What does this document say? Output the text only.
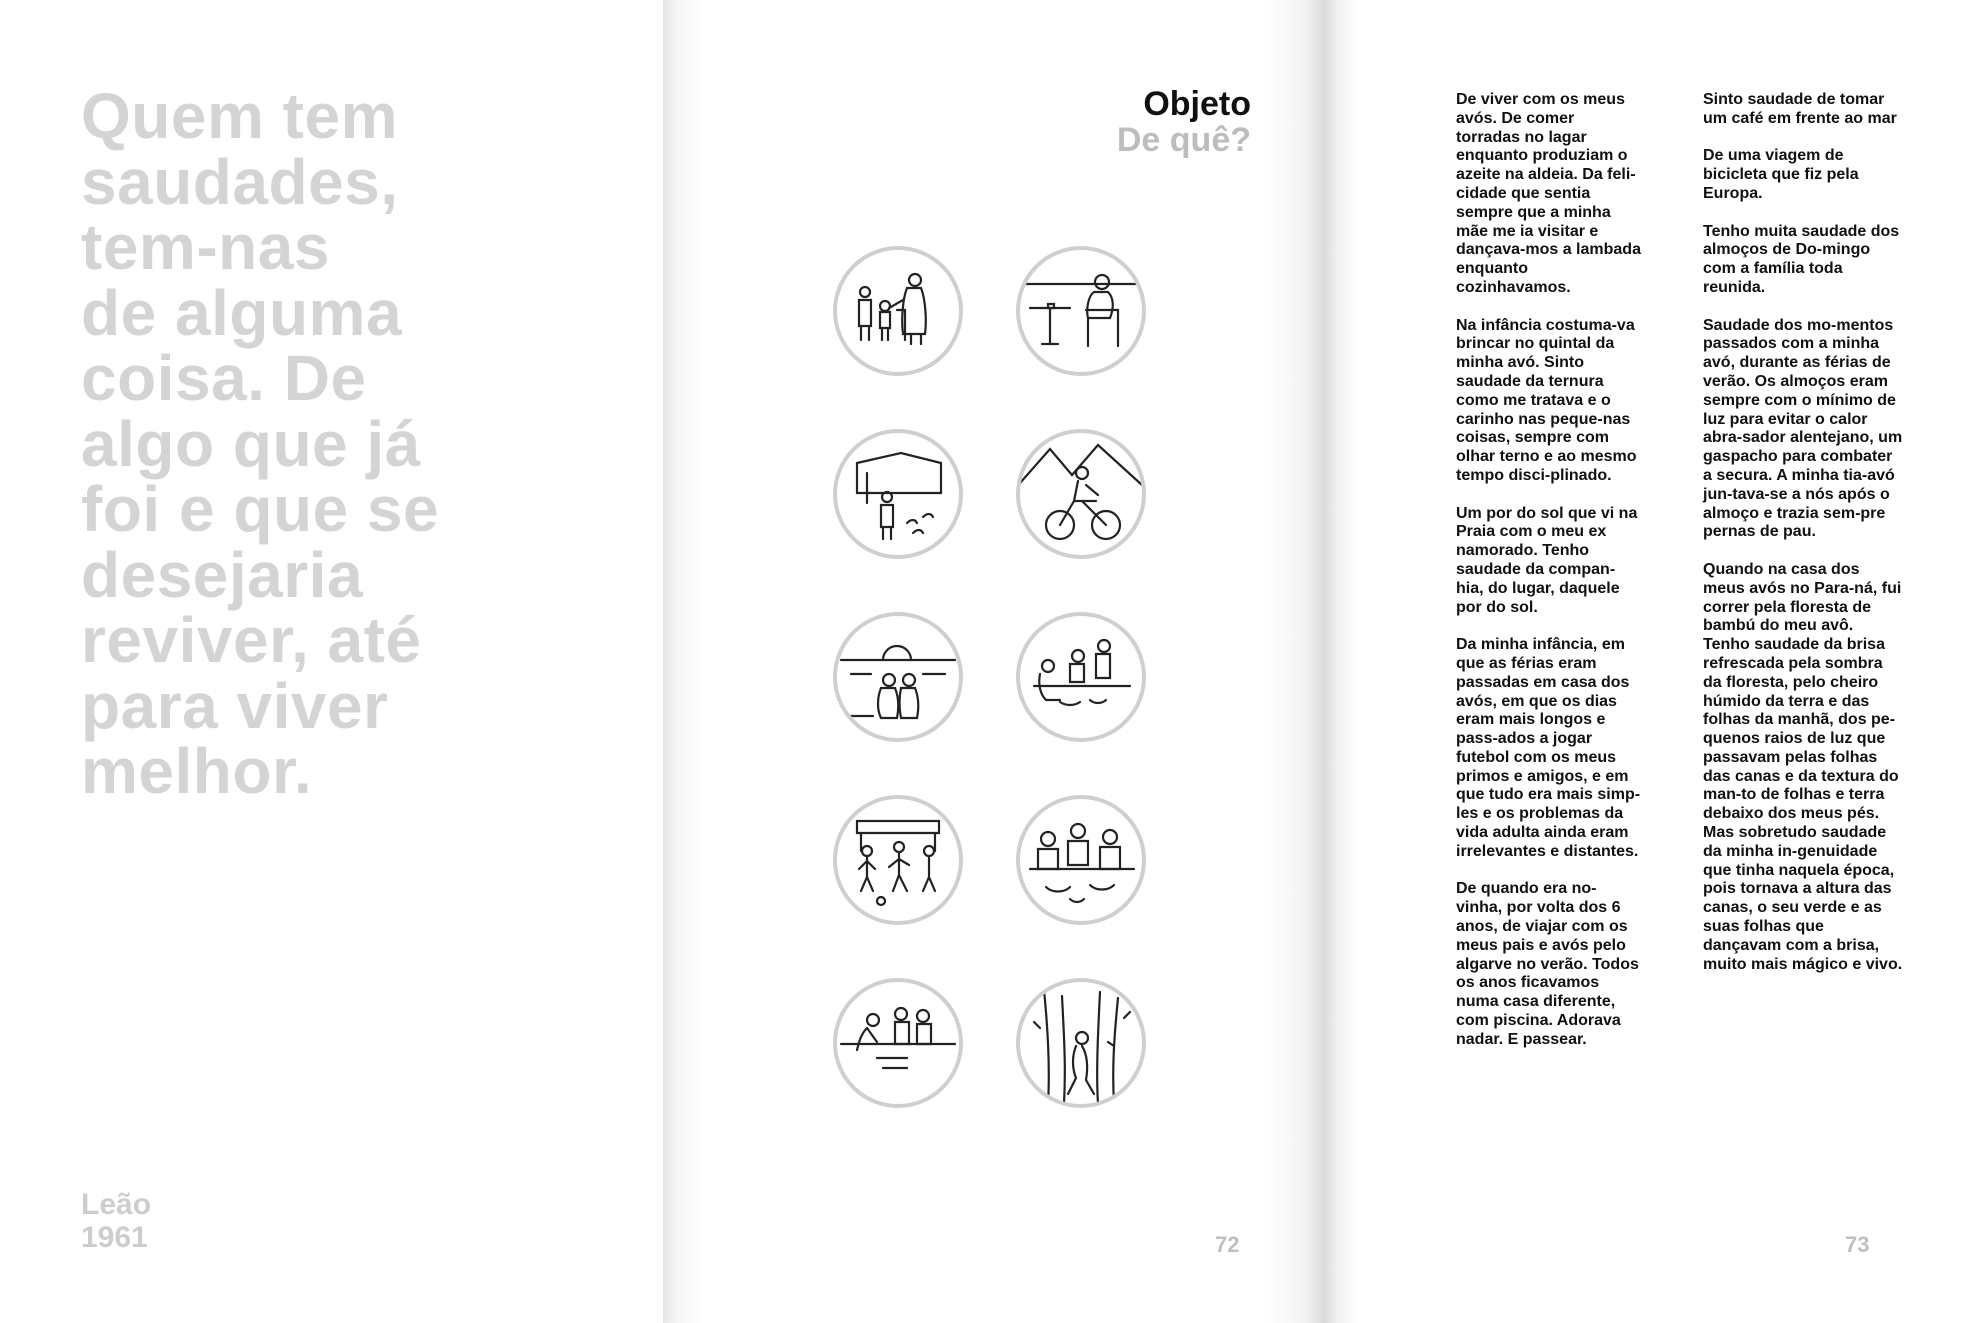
Quem tem
saudades,
tem-nas
de alguma
coisa. De
algo que já
foi e que se
desejaria
reviver, até
para viver
melhor.

Leão
1961
Objeto
De quê?
72

De viver com os meus avós. De comer torradas no lagar enquanto produziam o azeite na aldeia. Da feli-cidade que sentia sempre que a minha mãe me ia visitar e dançava-mos a lambada enquanto cozinhavamos.

Na infância costuma-va brincar no quintal da minha avó. Sinto saudade da ternura como me tratava e o carinho nas peque-nas coisas, sempre com olhar terno e ao mesmo tempo disci-plinado.

Um por do sol que vi na Praia com o meu ex namorado. Tenho saudade da compan-hia, do lugar, daquele por do sol.

Da minha infância, em que as férias eram passadas em casa dos avós, em que os dias eram mais longos e pass-ados a jogar futebol com os meus primos e amigos, e em que tudo era mais simp-les e os problemas da vida adulta ainda eram irrelevantes e distantes.

De quando era no-vinha, por volta dos 6 anos, de viajar com os meus pais e avós pelo algarve no verão. Todos os anos ficavamos numa casa diferente, com piscina. Adorava nadar. E passear.

Sinto saudade de tomar um café em frente ao mar

De uma viagem de bicicleta que fiz pela Europa.

Tenho muita saudade dos almoços de Do-mingo com a família toda reunida.

Saudade dos mo-mentos passados com a minha avó, durante as férias de verão. Os almoços eram sempre com o mínimo de luz para evitar o calor abra-sador alentejano, um gaspacho para combater a secura. A minha tia-avó jun-tava-se a nós após o almoço e trazia sem-pre pernas de pau.

Quando na casa dos meus avós no Para-ná, fui correr pela floresta de bambú do meu avô. Tenho saudade da brisa refrescada pela sombra da floresta, pelo cheiro húmido da terra e das folhas da manhã, dos pe-quenos raios de luz que passavam pelas folhas das canas e da textura do man-to de folhas e terra debaixo dos meus pés. Mas sobretudo saudade da minha in-genuidade que tinha naquela época, pois tornava a altura das canas, o seu verde e as suas folhas que dançavam com a brisa, muito mais mágico e vivo.

73
